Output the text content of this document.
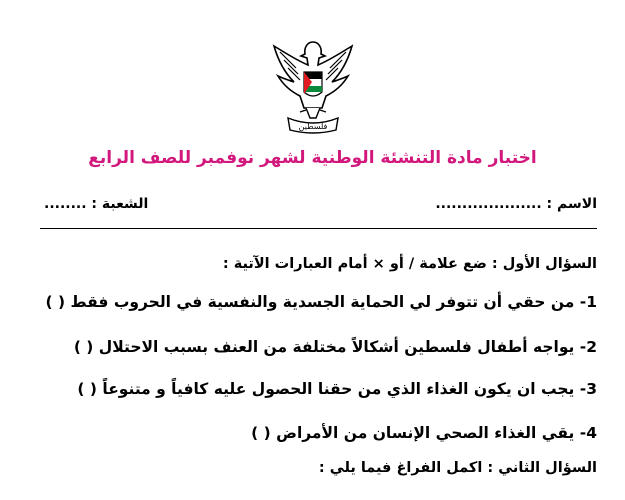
فلسطين
اختبار مادة التنشئة الوطنية لشهر نوفمبر للصف الرابع
الاسم : ....................
الشعبة : ........
السؤال الأول : ضع علامة / أو × أمام العبارات الآتية :
1- من حقي أن تتوفر لي الحماية الجسدية والنفسية في الحروب فقط ( )
2- يواجه أطفال فلسطين أشكالاً مختلفة من العنف بسبب الاحتلال ( )
3- يجب ان يكون الغذاء الذي من حقنا الحصول عليه كافياً و متنوعاً ( )
4- يقي الغذاء الصحي الإنسان من الأمراض ( )
السؤال الثاني : اكمل الفراغ فيما يلي :
